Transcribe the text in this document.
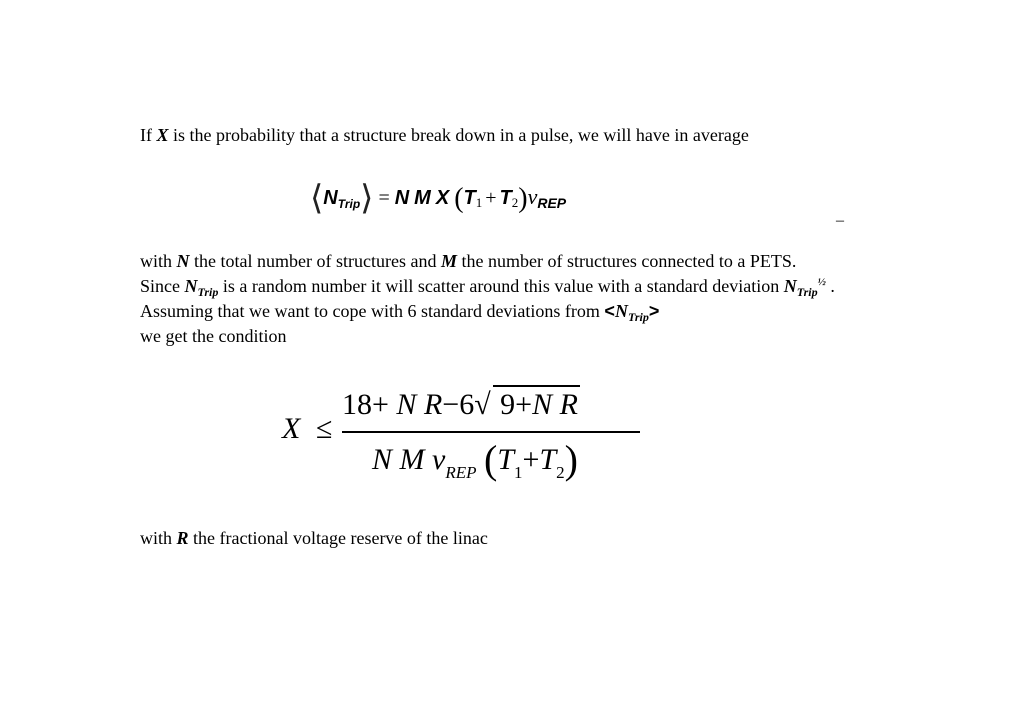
If X is the probability that a structure break down in a pulse, we will have in average
$⟨N_{Trip}⟩ = N$ M X $(T1 + T2)\nu_{REP}$
–
with N the total number of structures and M the number of structures connected to a PETS.
Since $N_{Trip}$ is a random number it will scatter around this value with a standard deviation $N_{Trip}^{\frac{1}{2}}$ .
Assuming that we want to cope with 6 standard deviations from $<N_{Trip}>$
we get the condition
X ≤
18+ N R−6√ 9+N R
N M $\nu_{REP}$ $(T_1+T_2)$
with R the fractional voltage reserve of the linac
